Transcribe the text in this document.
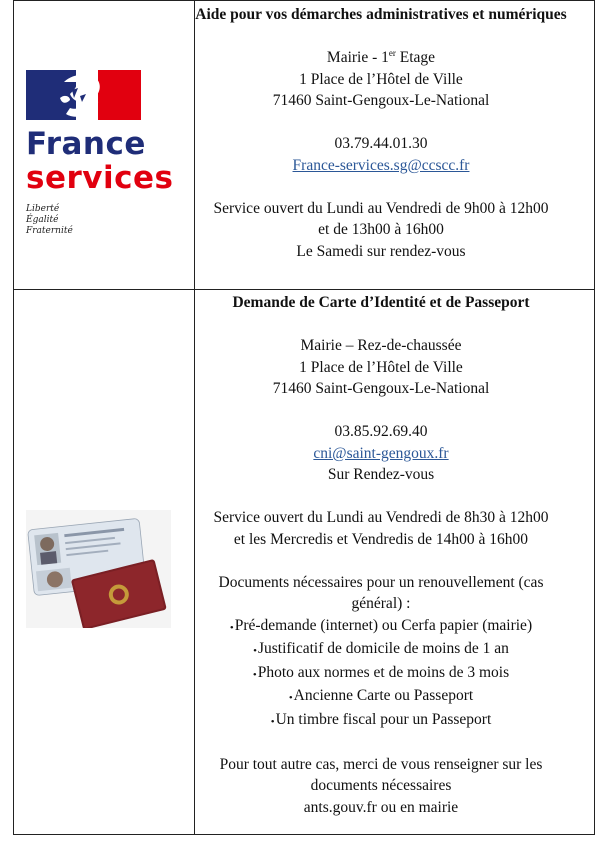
France
services
Liberté
Égalité
Fraternité
Aide pour vos démarches administratives et numériques
Mairie - 1er Etage
1 Place de l’Hôtel de Ville
71460 Saint-Gengoux-Le-National
03.79.44.01.30
France-services.sg@ccscc.fr
Service ouvert du Lundi au Vendredi de 9h00 à 12h00
et de 13h00 à 16h00
Le Samedi sur rendez-vous
Demande de Carte d’Identité et de Passeport
Mairie – Rez-de-chaussée
1 Place de l’Hôtel de Ville
71460 Saint-Gengoux-Le-National
03.85.92.69.40
cni@saint-gengoux.fr
Sur Rendez-vous
Service ouvert du Lundi au Vendredi de 8h30 à 12h00
et les Mercredis et Vendredis de 14h00 à 16h00
Documents nécessaires pour un renouvellement (cas
général) :
• Pré-demande (internet) ou Cerfa papier (mairie)
• Justificatif de domicile de moins de 1 an
• Photo aux normes et de moins de 3 mois
• Ancienne Carte ou Passeport
• Un timbre fiscal pour un Passeport
Pour tout autre cas, merci de vous renseigner sur les
documents nécessaires
ants.gouv.fr ou en mairie
